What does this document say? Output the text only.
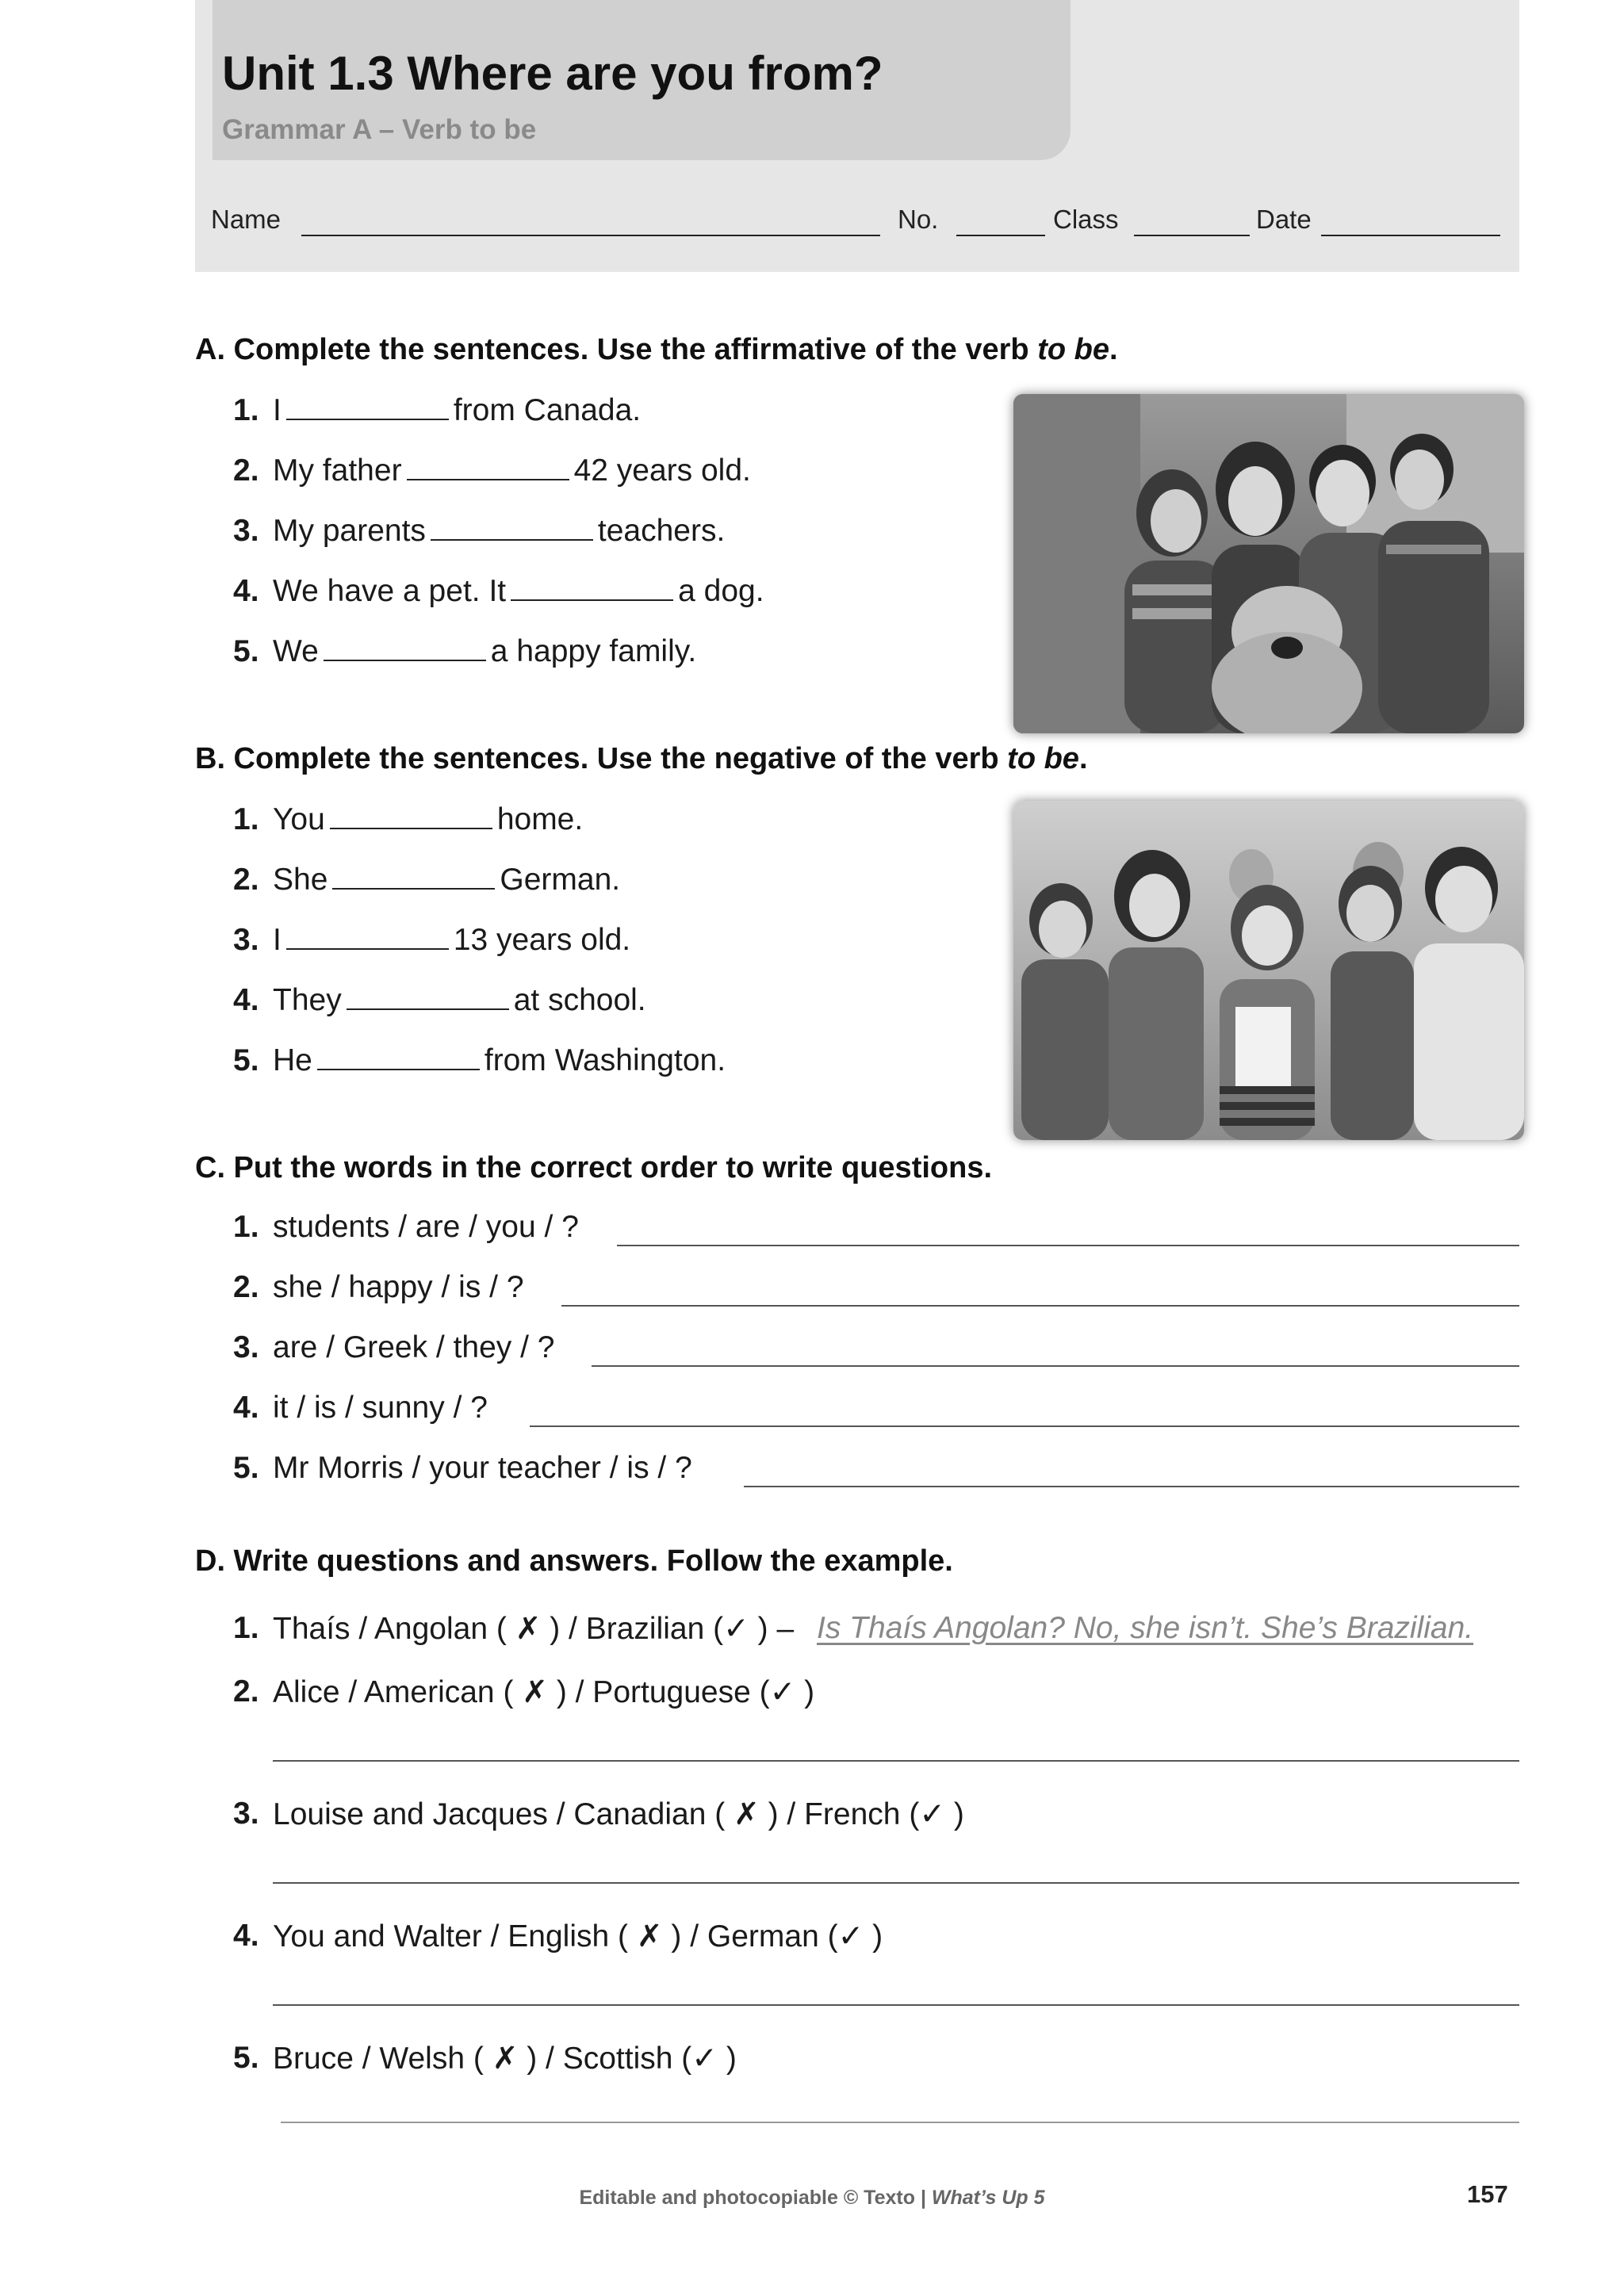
Unit 1.3 Where are you from?
Grammar A – Verb to be
Name	No.	Class	Date
A. Complete the sentences. Use the affirmative of the verb to be.
1. I	from Canada.
2. My father	42 years old.
3. My parents	teachers.
4. We have a pet. It	a dog.
5. We	a happy family.
B. Complete the sentences. Use the negative of the verb to be.
1. You	home.
2. She	German.
3. I	13 years old.
4. They	at school.
5. He	from Washington.
C. Put the words in the correct order to write questions.
1. students / are / you / ?
2. she / happy / is / ?
3. are / Greek / they / ?
4. it / is / sunny / ?
5. Mr Morris / your teacher / is / ?
D. Write questions and answers. Follow the example.
1. Thaís / Angolan ( ✗ ) / Brazilian (✓ ) – Is Thaís Angolan? No, she isn’t. She’s Brazilian.
2. Alice / American ( ✗ ) / Portuguese (✓ )
3. Louise and Jacques / Canadian ( ✗ ) / French (✓ )
4. You and Walter / English ( ✗ ) / German (✓ )
5. Bruce / Welsh ( ✗ ) / Scottish (✓ )
Editable and photocopiable © Texto | What’s Up 5	157
